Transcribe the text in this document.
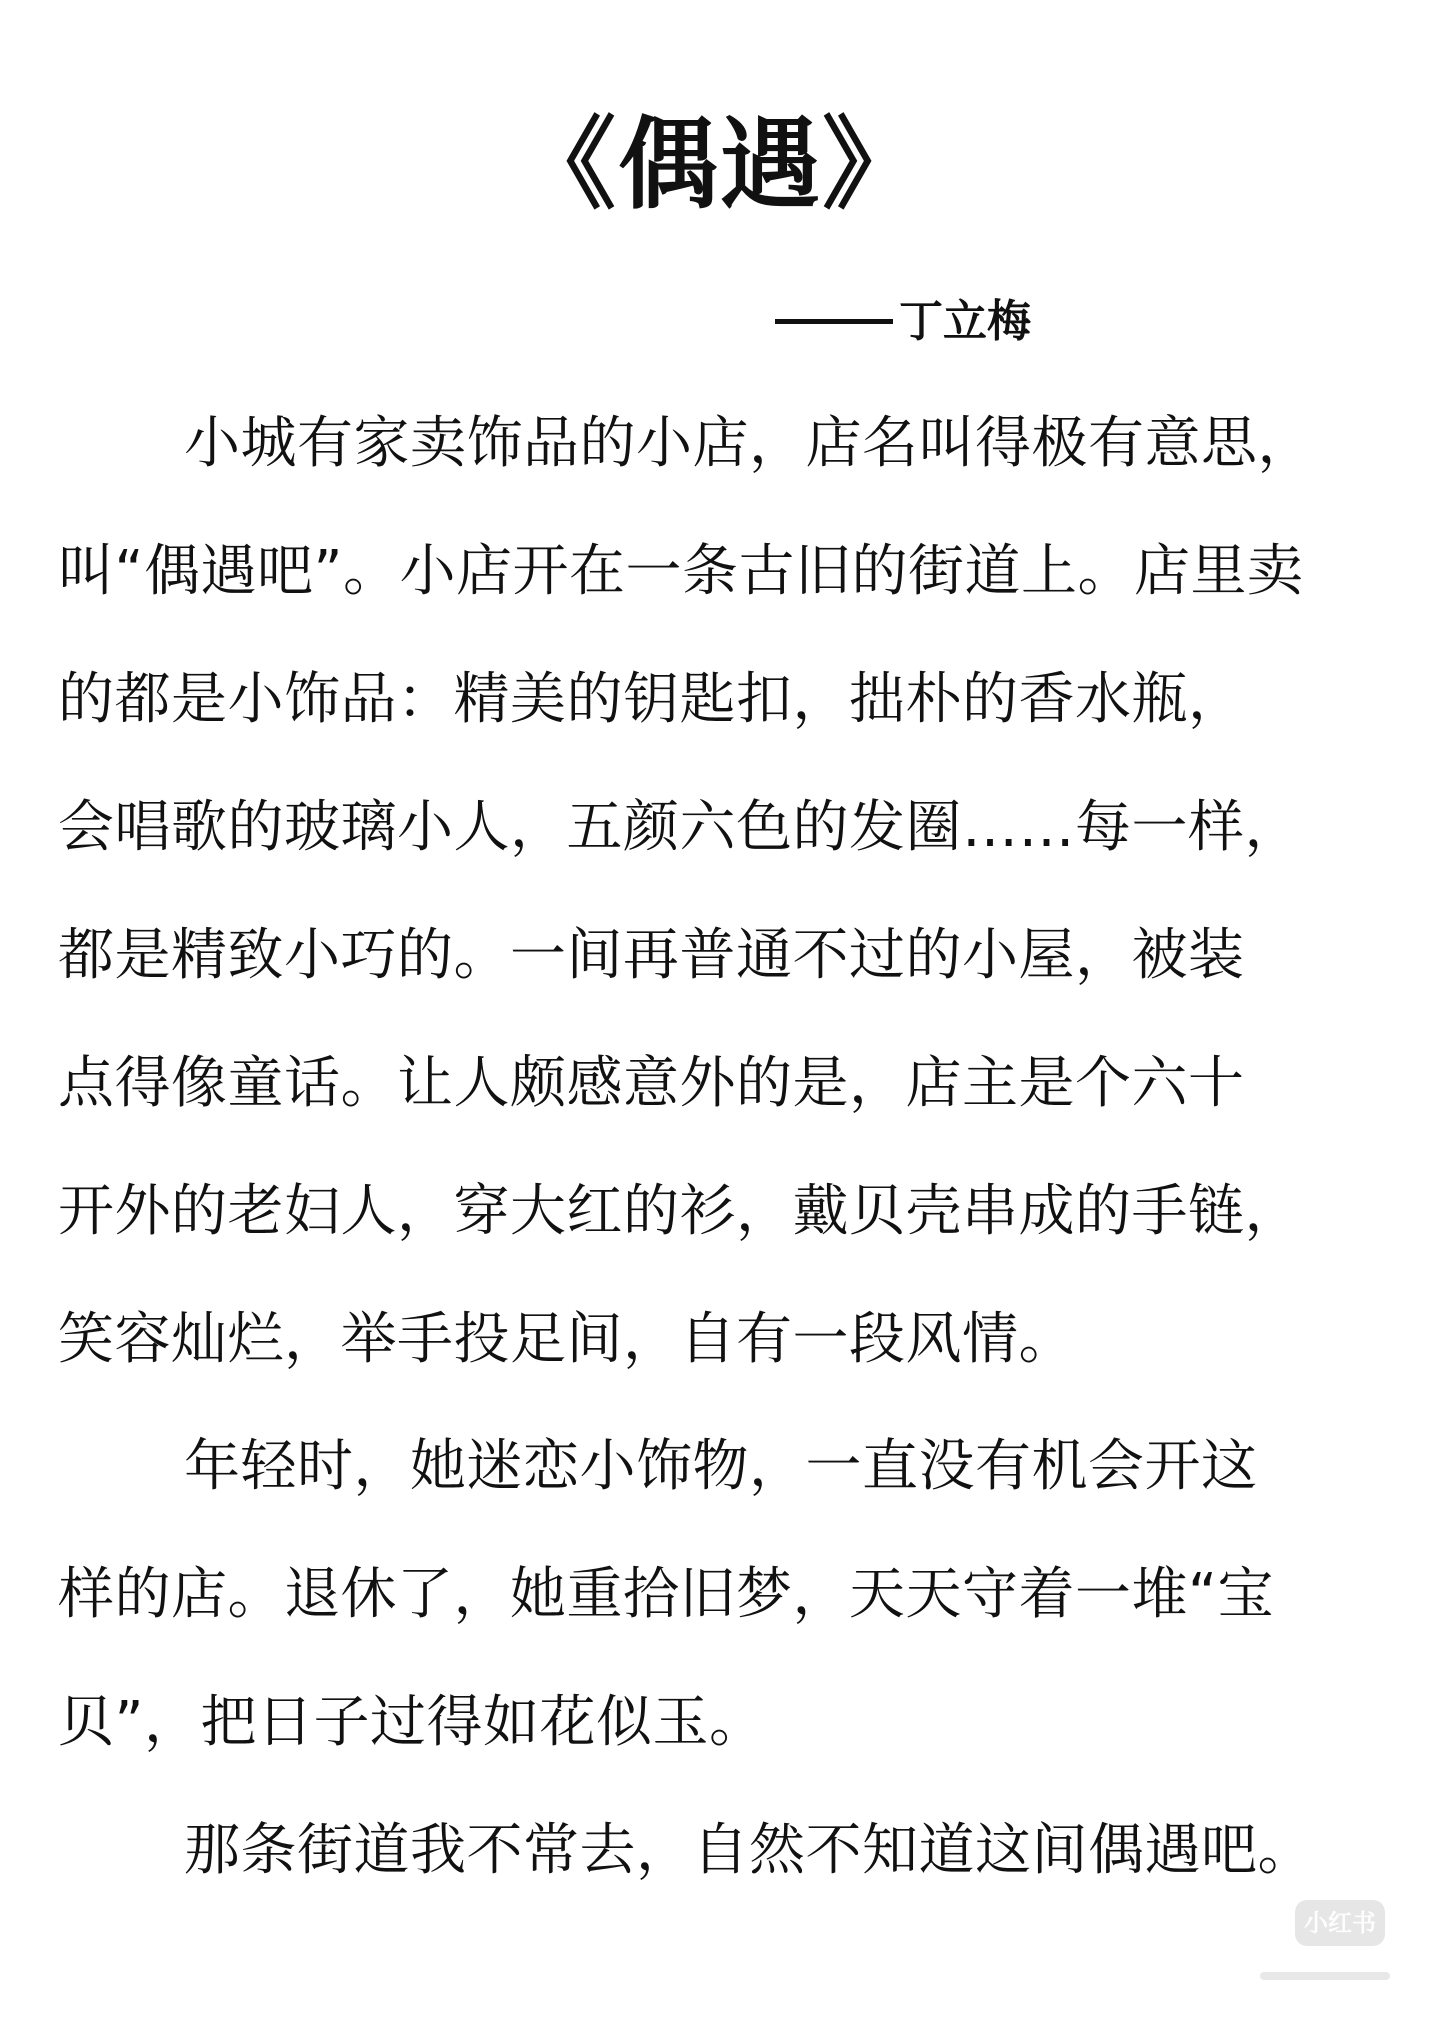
《偶遇》
丁立梅
小城有家卖饰品的小店，店名叫得极有意思，
叫“偶遇吧”。小店开在一条古旧的街道上。店里卖
的都是小饰品：精美的钥匙扣，拙朴的香水瓶，
会唱歌的玻璃小人，五颜六色的发圈……每一样，
都是精致小巧的。一间再普通不过的小屋，被装
点得像童话。让人颇感意外的是，店主是个六十
开外的老妇人，穿大红的衫，戴贝壳串成的手链，
笑容灿烂，举手投足间，自有一段风情。
年轻时，她迷恋小饰物，一直没有机会开这
样的店。退休了，她重拾旧梦，天天守着一堆“宝
贝”，把日子过得如花似玉。
那条街道我不常去，自然不知道这间偶遇吧。
小红书
